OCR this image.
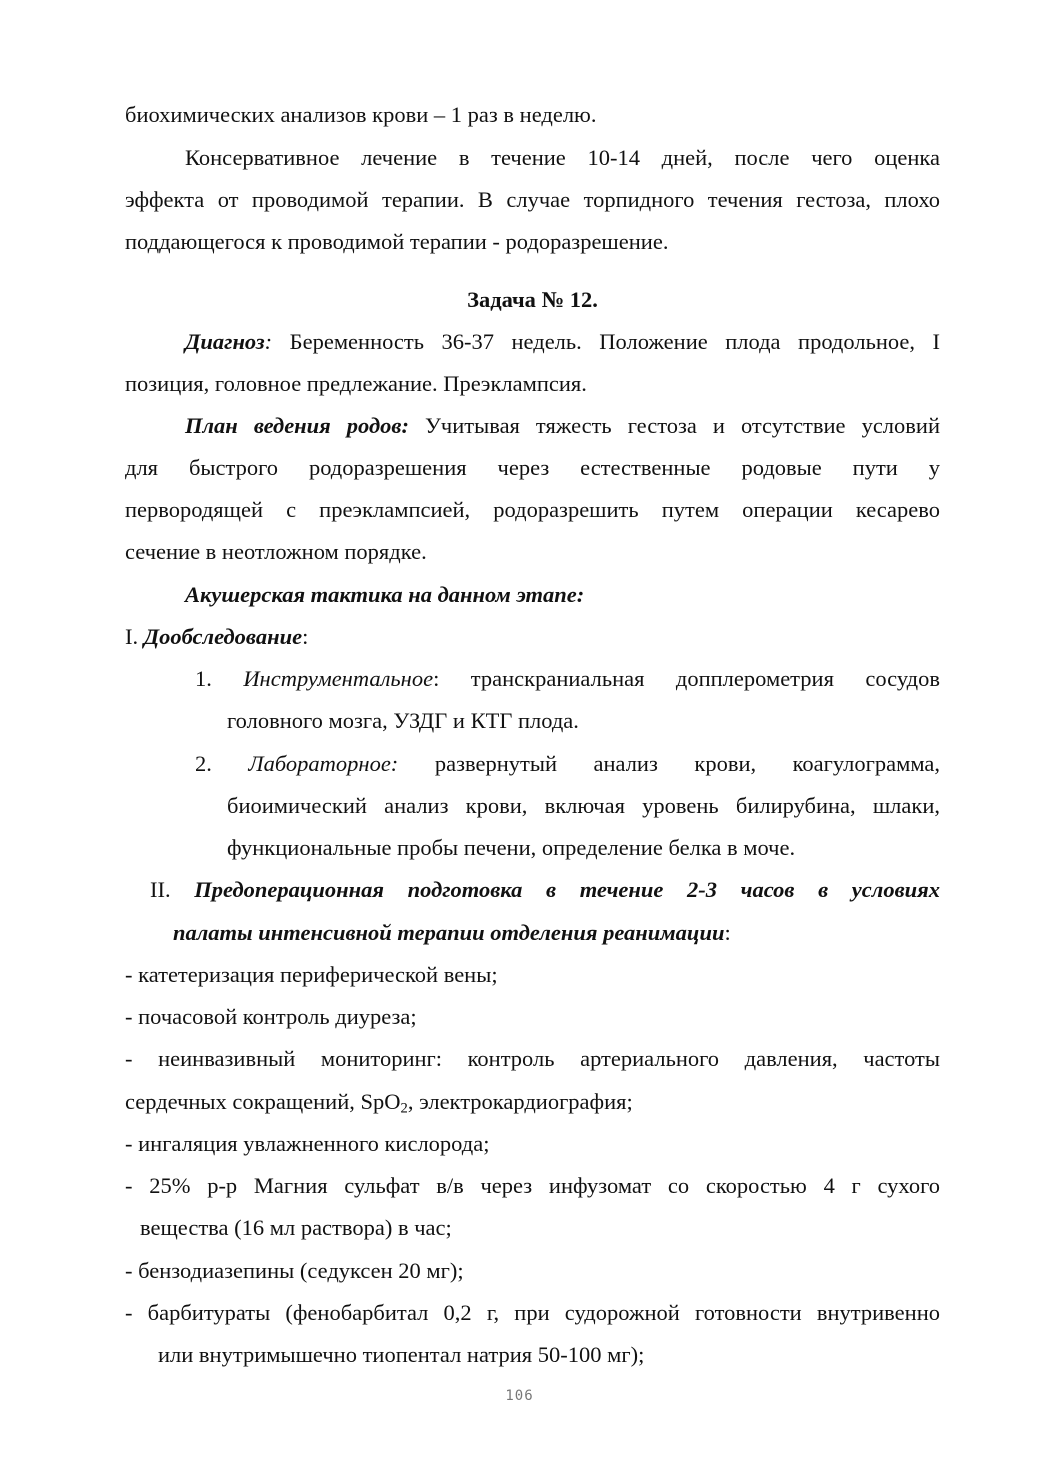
биохимических анализов крови – 1 раз в неделю.
Консервативное лечение в течение 10-14 дней, после чего оценка
эффекта от проводимой терапии. В случае торпидного течения гестоза, плохо
поддающегося к проводимой терапии - родоразрешение.
Задача № 12.
Диагноз: Беременность 36-37 недель. Положение плода продольное, I
позиция, головное предлежание. Преэклампсия.
План ведения родов: Учитывая тяжесть гестоза и отсутствие условий
для быстрого родоразрешения через естественные родовые пути у
первородящей с преэклампсией, родоразрешить путем операции кесарево
сечение в неотложном порядке.
Акушерская тактика на данном этапе:
I. Дообследование:
1. Инструментальное: транскраниальная допплерометрия сосудов
головного мозга, УЗДГ и КТГ плода.
2. Лабораторное: развернутый анализ крови, коагулограмма,
биоимический анализ крови, включая уровень билирубина, шлаки,
функциональные пробы печени, определение белка в моче.
II. Предоперационная подготовка в течение 2-3 часов в условиях
палаты интенсивной терапии отделения реанимации:
- катетеризация периферической вены;
- почасовой контроль диуреза;
- неинвазивный мониторинг: контроль артериального давления, частоты
сердечных сокращений, SpO$_2$, электрокардиография;
- ингаляция увлажненного кислорода;
- 25% р-р Магния сульфат в/в через инфузомат со скоростью 4 г сухого
вещества (16 мл раствора) в час;
- бензодиазепины (седуксен 20 мг);
- барбитураты (фенобарбитал 0,2 г, при судорожной готовности внутривенно
или внутримышечно тиопентал натрия 50-100 мг);
106
